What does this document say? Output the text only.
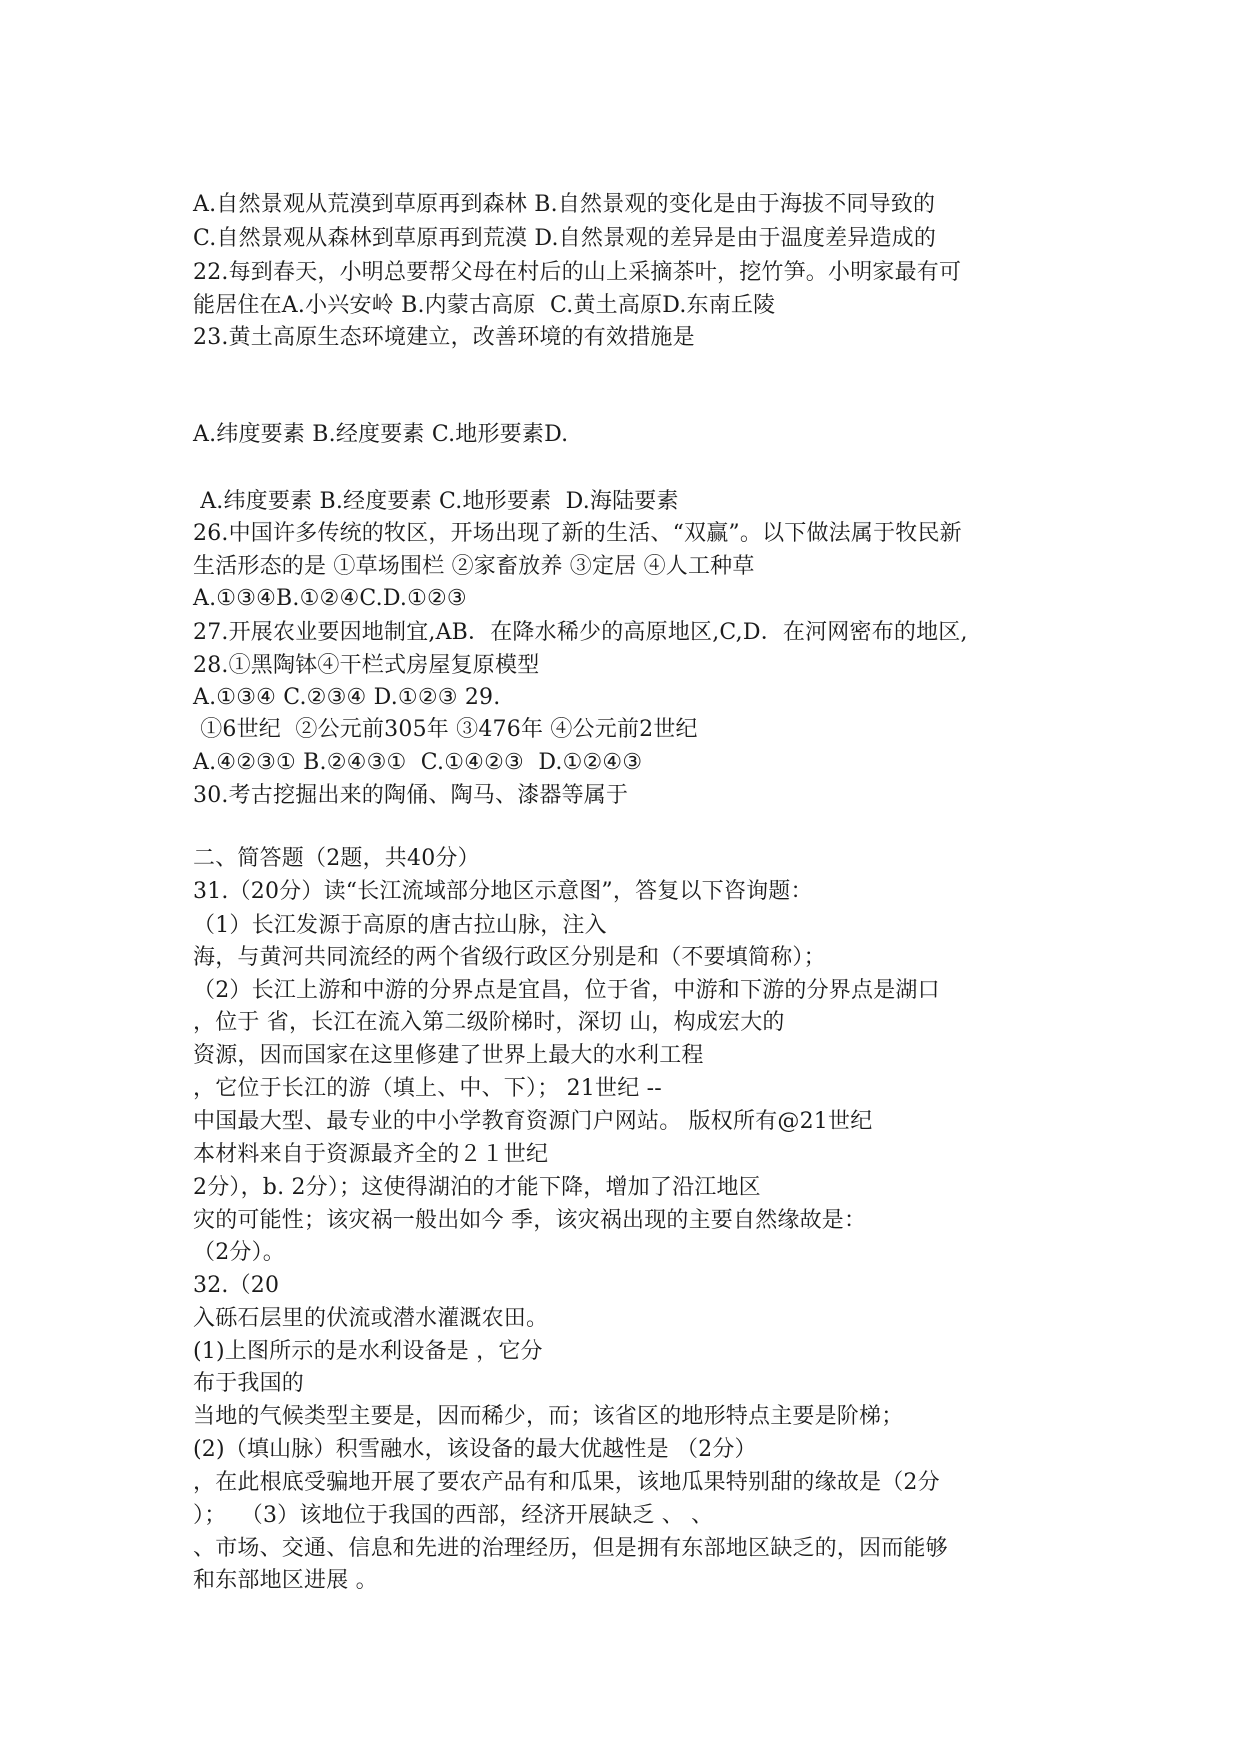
A.自然景观从荒漠到草原再到森林 B.自然景观的变化是由于海拔不同导致的
C.自然景观从森林到草原再到荒漠 D.自然景观的差异是由于温度差异造成的
22.每到春天，小明总要帮父母在村后的山上采摘茶叶，挖竹笋。小明家最有可
能居住在A.小兴安岭 B.内蒙古高原  C.黄土高原D.东南丘陵
23.黄土高原生态环境建立，改善环境的有效措施是
A.纬度要素 B.经度要素 C.地形要素D.
A.纬度要素 B.经度要素 C.地形要素  D.海陆要素
26.中国许多传统的牧区，开场出现了新的生活、“双赢”。以下做法属于牧民新
生活形态的是 ①草场围栏 ②家畜放养 ③定居 ④人工种草
A.①③④B.①②④C.D.①②③
27.开展农业要因地制宜,AB．在降水稀少的高原地区,C,D．在河网密布的地区,
28.①黑陶钵④干栏式房屋复原模型
A.①③④ C.②③④ D.①②③ 29.
①6世纪  ②公元前305年 ③476年 ④公元前2世纪
A.④②③① B.②④③①  C.①④②③  D.①②④③
30.考古挖掘出来的陶俑、陶马、漆器等属于
二、简答题（2题，共40分）
31.（20分）读“长江流域部分地区示意图”，答复以下咨询题：
（1）长江发源于高原的唐古拉山脉，注入
海，与黄河共同流经的两个省级行政区分别是和（不要填简称）；
（2）长江上游和中游的分界点是宜昌，位于省，中游和下游的分界点是湖口
，位于 省，长江在流入第二级阶梯时，深切 山，构成宏大的
资源，因而国家在这里修建了世界上最大的水利工程
，它位于长江的游（填上、中、下）； 21世纪 --
中国最大型、最专业的中小学教育资源门户网站。 版权所有@21世纪
本材料来自于资源最齐全的２１世纪
2分），b. 2分）；这使得湖泊的才能下降，增加了沿江地区
灾的可能性；该灾祸一般出如今 季，该灾祸出现的主要自然缘故是：
（2分）。
32.（20
入砾石层里的伏流或潜水灌溉农田。
(1)上图所示的是水利设备是 ，它分
布于我国的
当地的气候类型主要是，因而稀少，而；该省区的地形特点主要是阶梯；
(2)（填山脉）积雪融水，该设备的最大优越性是 （2分）
，在此根底受骗地开展了要农产品有和瓜果，该地瓜果特别甜的缘故是（2分
）；  （3）该地位于我国的西部，经济开展缺乏 、 、
、市场、交通、信息和先进的治理经历，但是拥有东部地区缺乏的，因而能够
和东部地区进展 。
